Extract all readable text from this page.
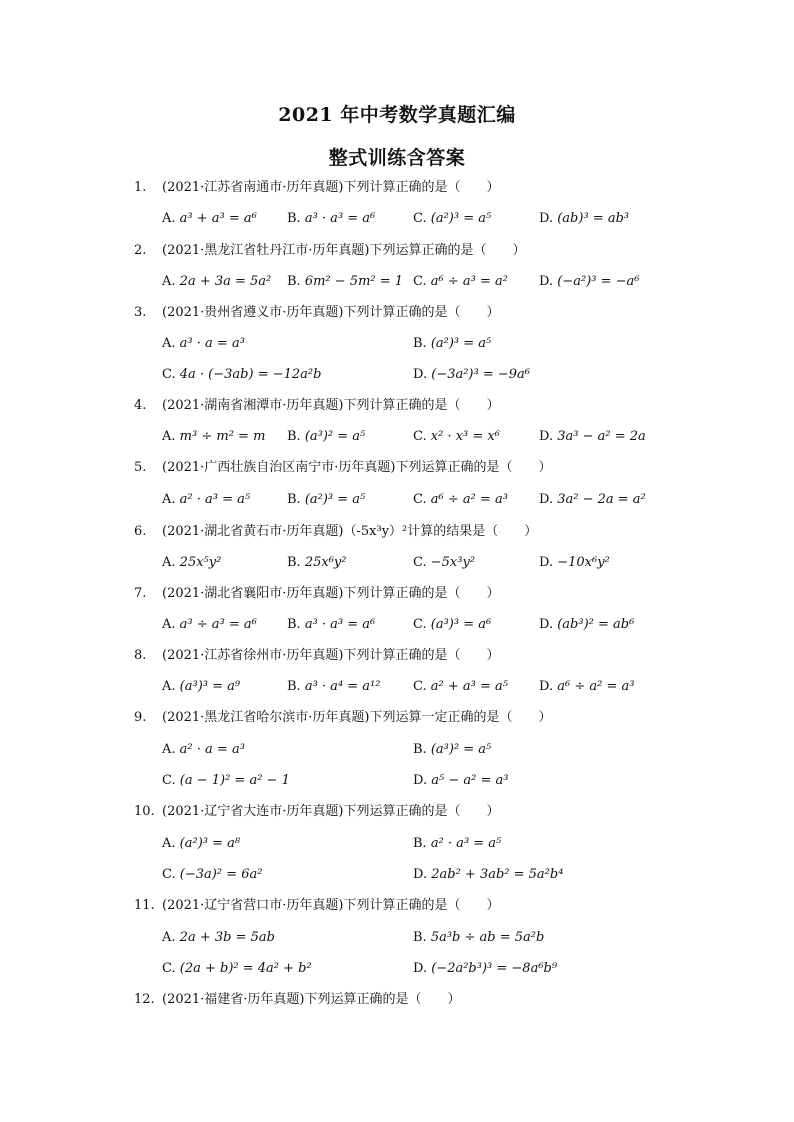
2021 年中考数学真题汇编
整式训练含答案
1. (2021·江苏省南通市·历年真题)下列计算正确的是（　　）
A. a³ + a³ = a⁶ B. a³ · a³ = a⁶	C. (a²)³ = a⁵	D. (ab)³ = ab³
2. (2021·黑龙江省牡丹江市·历年真题)下列运算正确的是（　　）
A. 2a + 3a = 5a² B. 6m² − 5m² = 1 C. a⁶ ÷ a³ = a² D. (−a²)³ = −a⁶
3. (2021·贵州省遵义市·历年真题)下列计算正确的是（　　）
A. a³ · a = a³	B. (a²)³ = a⁵
C. 4a · (−3ab) = −12a²b	D. (−3a²)³ = −9a⁶
4. (2021·湖南省湘潭市·历年真题)下列计算正确的是（　　）
A. m³ ÷ m² = m B. (a³)² = a⁵	C. x² · x³ = x⁶	D. 3a³ − a² = 2a
5. (2021·广西壮族自治区南宁市·历年真题)下列运算正确的是（　　）
A. a² · a³ = a⁵	B. (a²)³ = a⁵	C. a⁶ ÷ a² = a³ D. 3a² − 2a = a²
6. (2021·湖北省黄石市·历年真题)（-5x³y）²计算的结果是（　　）
A. 25x⁵y²	B. 25x⁶y²	C. −5x³y²	D. −10x⁶y²
7. (2021·湖北省襄阳市·历年真题)下列计算正确的是（　　）
A. a³ ÷ a³ = a⁶ B. a³ · a³ = a⁶	C. (a³)³ = a⁶	D. (ab³)² = ab⁶
8. (2021·江苏省徐州市·历年真题)下列计算正确的是（　　）
A. (a³)³ = a⁹	B. a³ · a⁴ = a¹²	C. a² + a³ = a⁵ D. a⁶ ÷ a² = a³
9. (2021·黑龙江省哈尔滨市·历年真题)下列运算一定正确的是（　　）
A. a² · a = a³	B. (a³)² = a⁵
C. (a − 1)² = a² − 1	D. a⁵ − a² = a³
10. (2021·辽宁省大连市·历年真题)下列运算正确的是（　　）
A. (a²)³ = a⁸	B. a² · a³ = a⁵
C. (−3a)² = 6a²	D. 2ab² + 3ab² = 5a²b⁴
11. (2021·辽宁省营口市·历年真题)下列计算正确的是（　　）
A. 2a + 3b = 5ab	B. 5a³b ÷ ab = 5a²b
C. (2a + b)² = 4a² + b²	D. (−2a²b³)³ = −8a⁶b⁹
12. (2021·福建省·历年真题)下列运算正确的是（　　）
